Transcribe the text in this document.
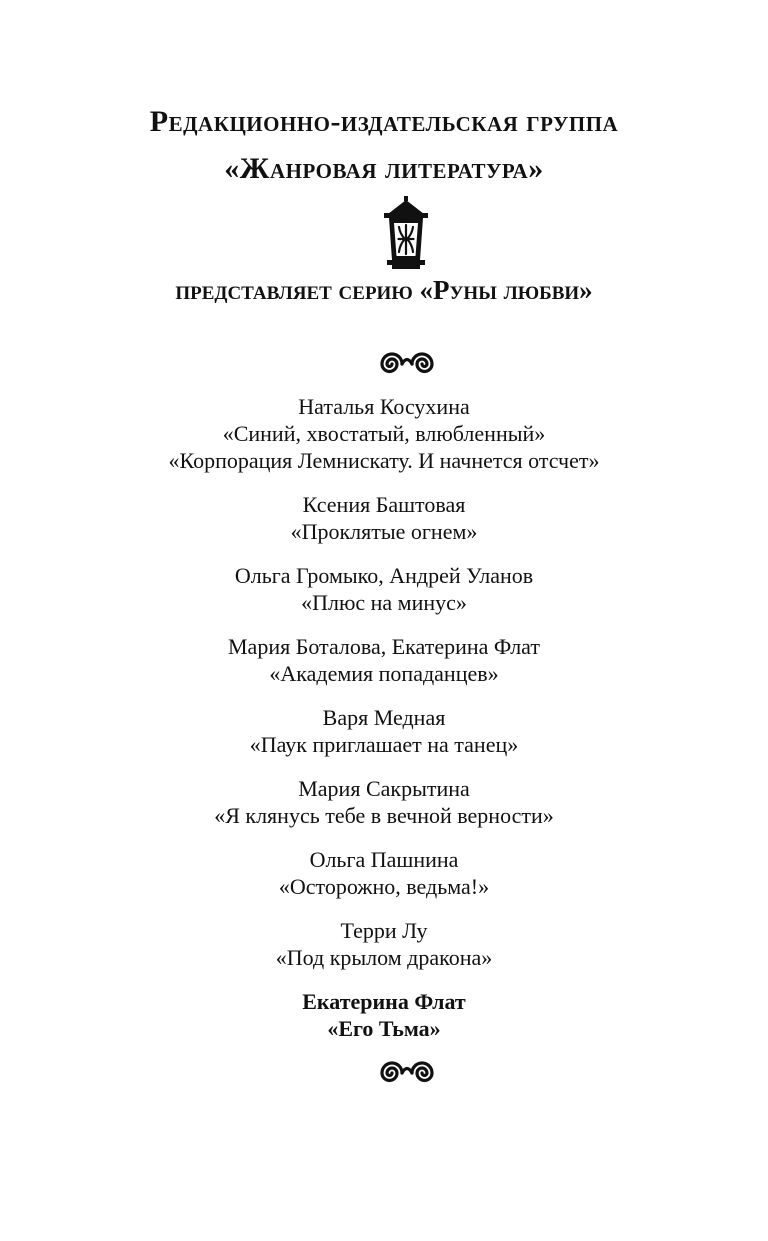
Редакционно-издательская группа
«Жанровая литература»
представляет серию «Руны любви»
Наталья Косухина
«Синий, хвостатый, влюбленный»
«Корпорация Лемнискату. И начнется отсчет»
Ксения Баштовая
«Проклятые огнем»
Ольга Громыко, Андрей Уланов
«Плюс на минус»
Мария Боталова, Екатерина Флат
«Академия попаданцев»
Варя Медная
«Паук приглашает на танец»
Мария Сакрытина
«Я клянусь тебе в вечной верности»
Ольга Пашнина
«Осторожно, ведьма!»
Терри Лу
«Под крылом дракона»
Екатерина Флат
«Его Тьма»
